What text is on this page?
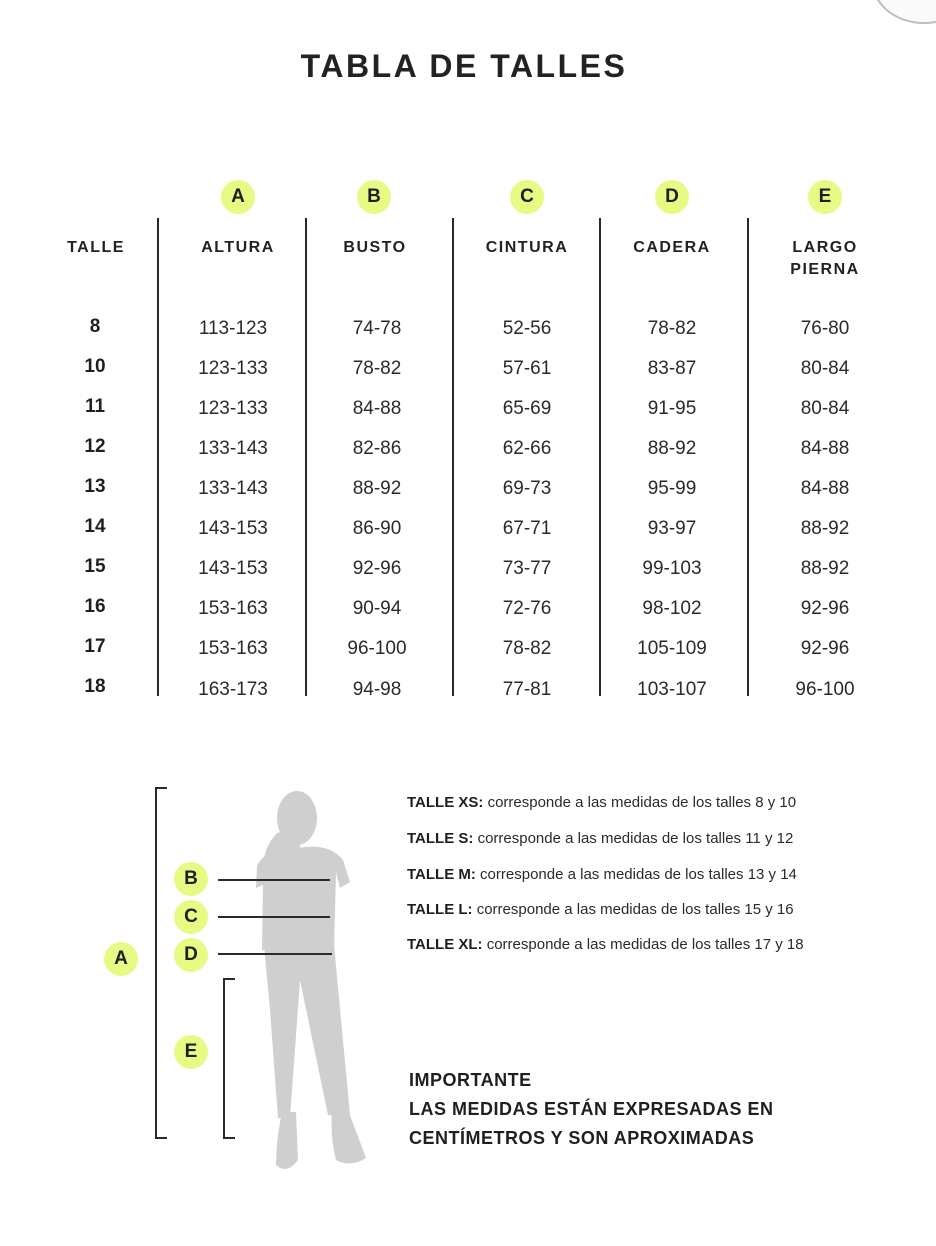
TABLA DE TALLES
A	B	C	D	E
TALLE	ALTURA	BUSTO	CINTURA	CADERA	LARGO
PIERNA
8	113-123	74-78	52-56	78-82	76-80
10	123-133	78-82	57-61	83-87	80-84
11	123-133	84-88	65-69	91-95	80-84
12	133-143	82-86	62-66	88-92	84-88
13	133-143	88-92	69-73	95-99	84-88
14	143-153	86-90	67-71	93-97	88-92
15	143-153	92-96	73-77	99-103	88-92
16	153-163	90-94	72-76	98-102	92-96
17	153-163	96-100	78-82	105-109	92-96
18	163-173	94-98	77-81	103-107	96-100
A
B
C
D
E
TALLE XS: corresponde a las medidas de los talles 8 y 10
TALLE S: corresponde a las medidas de los talles 11 y 12
TALLE M: corresponde a las medidas de los talles 13 y 14
TALLE L: corresponde a las medidas de los talles 15 y 16
TALLE XL: corresponde a las medidas de los talles 17 y 18
IMPORTANTE
LAS MEDIDAS ESTÁN EXPRESADAS EN
CENTÍMETROS Y SON APROXIMADAS
